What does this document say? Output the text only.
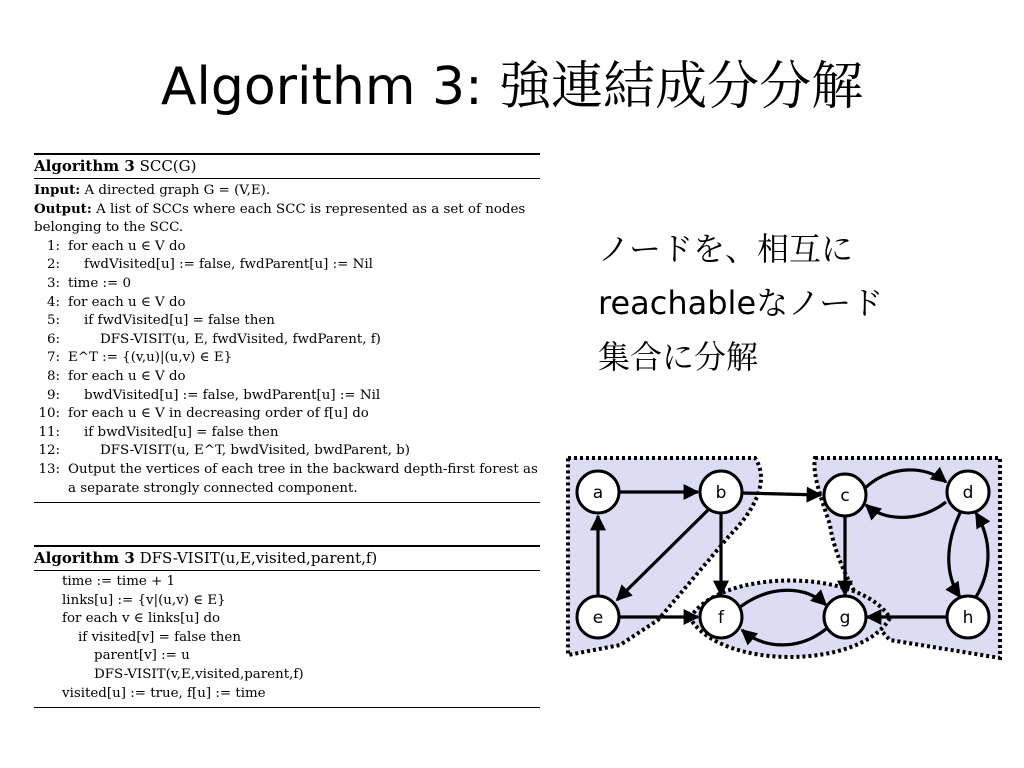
Algorithm 3: 強連結成分分解
Algorithm 3 SCC(G)
Input: A directed graph G = (V,E).
Output: A list of SCCs where each SCC is represented as a set of nodes belonging to the SCC.
1: for each u ∈ V do
2: fwdVisited[u] := false, fwdParent[u] := Nil
3: time := 0
4: for each u ∈ V do
5: if fwdVisited[u] = false then
6:	DFS-VISIT(u, E, fwdVisited, fwdParent, f)
7: E^T := {(v,u)|(u,v) ∈ E}
8: for each u ∈ V do
9: bwdVisited[u] := false, bwdParent[u] := Nil
10: for each u ∈ V in decreasing order of f[u] do
11: if bwdVisited[u] = false then
12:	DFS-VISIT(u, E^T, bwdVisited, bwdParent, b)
13: Output the vertices of each tree in the backward depth-first forest as a separate strongly connected component.
Algorithm 3 DFS-VISIT(u,E,visited,parent,f)
time := time + 1
links[u] := {v|(u,v) ∈ E}
for each v ∈ links[u] do
if visited[v] = false then
parent[v] := u
DFS-VISIT(v,E,visited,parent,f)
visited[u] := true, f[u] := time
ノードを、相互に
reachableなノード
集合に分解
a	b	c	d
e	f	g	h
